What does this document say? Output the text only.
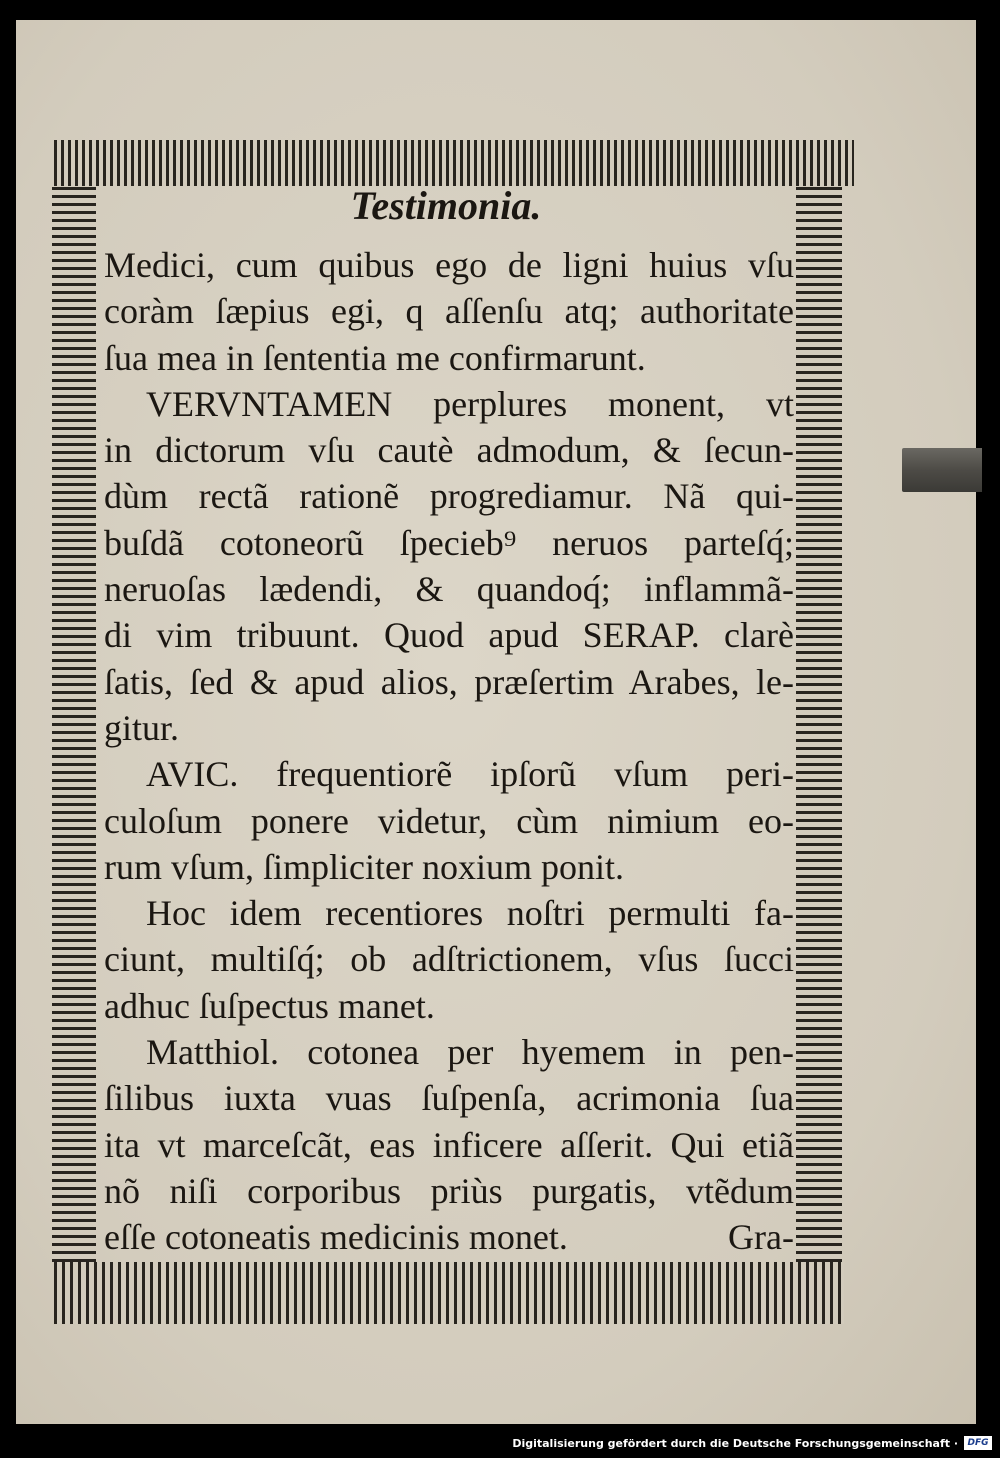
Testimonia.
Medici, cum quibus ego de ligni huius vſu
coràm ſæpius egi, q aſſenſu atq; authoritate
ſua mea in ſententia me confirmarunt.
VERVNTAMEN perplures monent, vt
in dictorum vſu cautè admodum, & ſecun-
dùm rectã rationẽ progrediamur. Nã qui-
buſdã cotoneorũ ſpecieb⁹ neruos parteſq́;
neruoſas lædendi, & quandoq́; inflammã-
di vim tribuunt. Quod apud SERAP. clarè
ſatis, ſed & apud alios, præſertim Arabes, le-
gitur.
AVIC. frequentiorẽ ipſorũ vſum peri-
culoſum ponere videtur, cùm nimium eo-
rum vſum, ſimpliciter noxium ponit.
Hoc idem recentiores noſtri permulti fa-
ciunt, multiſq́; ob adſtrictionem, vſus ſucci
adhuc ſuſpectus manet.
Matthiol. cotonea per hyemem in pen-
ſilibus iuxta vuas ſuſpenſa, acrimonia ſua
ita vt marceſcãt, eas inficere aſſerit. Qui etiã
nõ niſi corporibus priùs purgatis, vtẽdum
eſſe cotoneatis medicinis monet.	Gra-
Digitalisierung gefördert durch die Deutsche Forschungsgemeinschaft ·	DFG
